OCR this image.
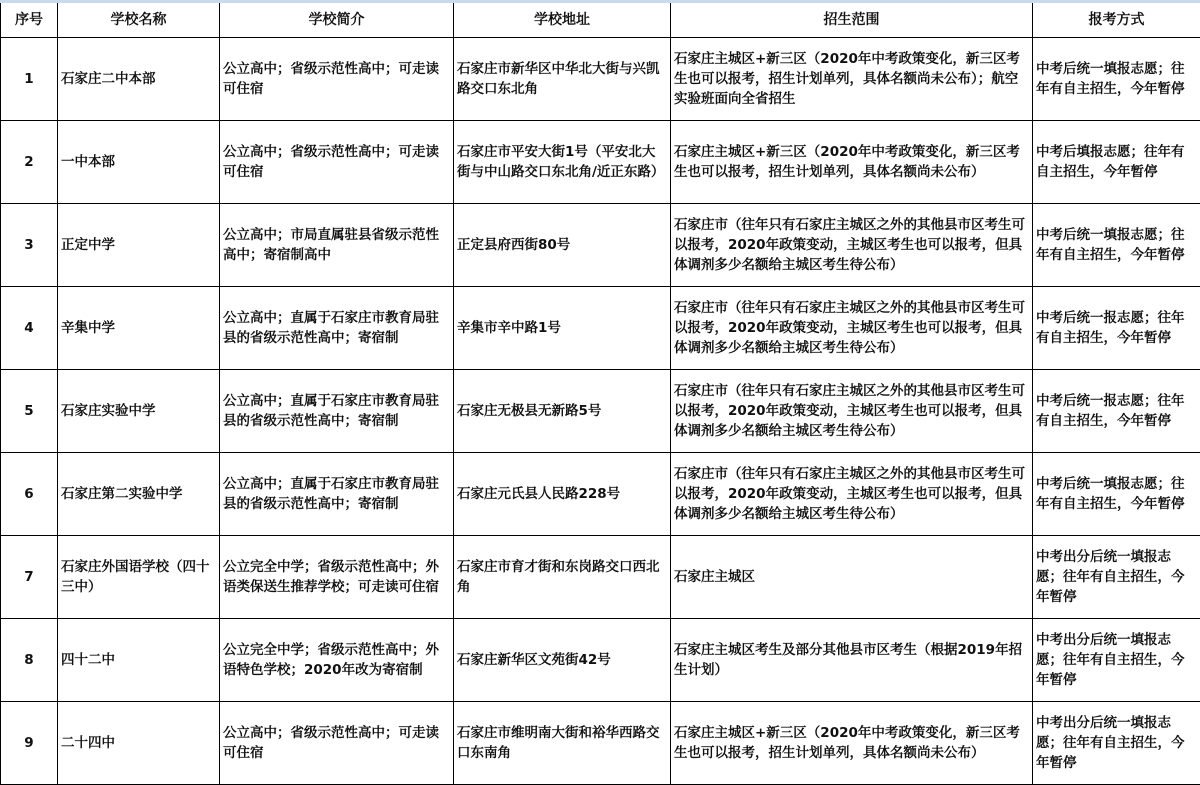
序号	学校名称	学校简介	学校地址	招生范围	报考方式
1	石家庄二中本部	公立高中；省级示范性高中；可走读可住宿	石家庄市新华区中华北大街与兴凯路交口东北角	石家庄主城区+新三区（2020年中考政策变化，新三区考生也可以报考，招生计划单列，具体名额尚未公布）；航空实验班面向全省招生	中考后统一填报志愿；往年有自主招生，今年暂停
2	一中本部	公立高中；省级示范性高中；可走读可住宿	石家庄市平安大街1号（平安北大街与中山路交口东北角/近正东路）	石家庄主城区+新三区（2020年中考政策变化，新三区考生也可以报考，招生计划单列，具体名额尚未公布）	中考后填报志愿；往年有自主招生，今年暂停
3	正定中学	公立高中；市局直属驻县省级示范性高中；寄宿制高中	正定县府西街80号	石家庄市（往年只有石家庄主城区之外的其他县市区考生可以报考，2020年政策变动，主城区考生也可以报考，但具体调剂多少名额给主城区考生待公布）	中考后统一填报志愿；往年有自主招生，今年暂停
4	辛集中学	公立高中；直属于石家庄市教育局驻县的省级示范性高中；寄宿制	辛集市辛中路1号	石家庄市（往年只有石家庄主城区之外的其他县市区考生可以报考，2020年政策变动，主城区考生也可以报考，但具体调剂多少名额给主城区考生待公布）	中考后统一报志愿；往年有自主招生，今年暂停
5	石家庄实验中学	公立高中；直属于石家庄市教育局驻县的省级示范性高中；寄宿制	石家庄无极县无新路5号	石家庄市（往年只有石家庄主城区之外的其他县市区考生可以报考，2020年政策变动，主城区考生也可以报考，但具体调剂多少名额给主城区考生待公布）	中考后统一报志愿；往年有自主招生，今年暂停
6	石家庄第二实验中学	公立高中；直属于石家庄市教育局驻县的省级示范性高中；寄宿制	石家庄元氏县人民路228号	石家庄市（往年只有石家庄主城区之外的其他县市区考生可以报考，2020年政策变动，主城区考生也可以报考，但具体调剂多少名额给主城区考生待公布）	中考后统一填报志愿；往年有自主招生，今年暂停
7	石家庄外国语学校（四十三中）	公立完全中学；省级示范性高中；外语类保送生推荐学校；可走读可住宿	石家庄市育才街和东岗路交口西北角	石家庄主城区	中考出分后统一填报志愿；往年有自主招生，今年暂停
8	四十二中	公立完全中学；省级示范性高中；外语特色学校；2020年改为寄宿制	石家庄新华区文苑街42号	石家庄主城区考生及部分其他县市区考生（根据2019年招生计划）	中考出分后统一填报志愿；往年有自主招生，今年暂停
9	二十四中	公立高中；省级示范性高中；可走读可住宿	石家庄市维明南大街和裕华西路交口东南角	石家庄主城区+新三区（2020年中考政策变化，新三区考生也可以报考，招生计划单列，具体名额尚未公布）	中考出分后统一填报志愿；往年有自主招生，今年暂停
